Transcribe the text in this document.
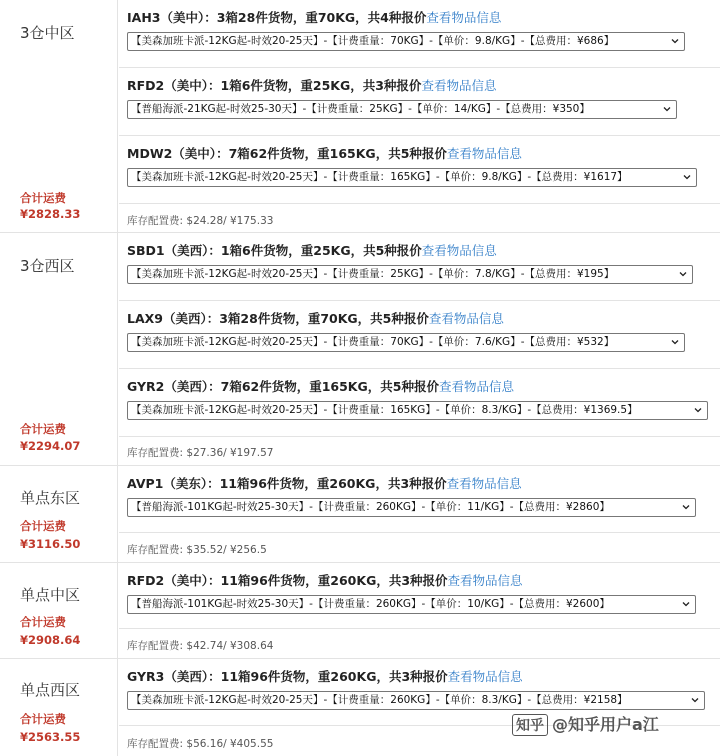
3仓中区
合计运费
¥2828.33
IAH3（美中）：3箱28件货物，重70KG，共4种报价查看物品信息
【美森加班卡派-12KG起-时效20-25天】-【计费重量：70KG】-【单价：9.8/KG】-【总费用：¥686】
RFD2（美中）：1箱6件货物，重25KG，共3种报价查看物品信息
【普船海派-21KG起-时效25-30天】-【计费重量：25KG】-【单价：14/KG】-【总费用：¥350】
MDW2（美中）：7箱62件货物，重165KG，共5种报价查看物品信息
【美森加班卡派-12KG起-时效20-25天】-【计费重量：165KG】-【单价：9.8/KG】-【总费用：¥1617】
库存配置费: $24.28/ ¥175.33
3仓西区
合计运费
¥2294.07
SBD1（美西）：1箱6件货物，重25KG，共5种报价查看物品信息
【美森加班卡派-12KG起-时效20-25天】-【计费重量：25KG】-【单价：7.8/KG】-【总费用：¥195】
LAX9（美西）：3箱28件货物，重70KG，共5种报价查看物品信息
【美森加班卡派-12KG起-时效20-25天】-【计费重量：70KG】-【单价：7.6/KG】-【总费用：¥532】
GYR2（美西）：7箱62件货物，重165KG，共5种报价查看物品信息
【美森加班卡派-12KG起-时效20-25天】-【计费重量：165KG】-【单价：8.3/KG】-【总费用：¥1369.5】
库存配置费: $27.36/ ¥197.57
单点东区
合计运费
¥3116.50
AVP1（美东）：11箱96件货物，重260KG，共3种报价查看物品信息
【普船海派-101KG起-时效25-30天】-【计费重量：260KG】-【单价：11/KG】-【总费用：¥2860】
库存配置费: $35.52/ ¥256.5
单点中区
合计运费
¥2908.64
RFD2（美中）：11箱96件货物，重260KG，共3种报价查看物品信息
【普船海派-101KG起-时效25-30天】-【计费重量：260KG】-【单价：10/KG】-【总费用：¥2600】
库存配置费: $42.74/ ¥308.64
单点西区
合计运费
¥2563.55
GYR3（美西）：11箱96件货物，重260KG，共3种报价查看物品信息
【美森加班卡派-12KG起-时效20-25天】-【计费重量：260KG】-【单价：8.3/KG】-【总费用：¥2158】
库存配置费: $56.16/ ¥405.55
知乎 @知乎用户a江
